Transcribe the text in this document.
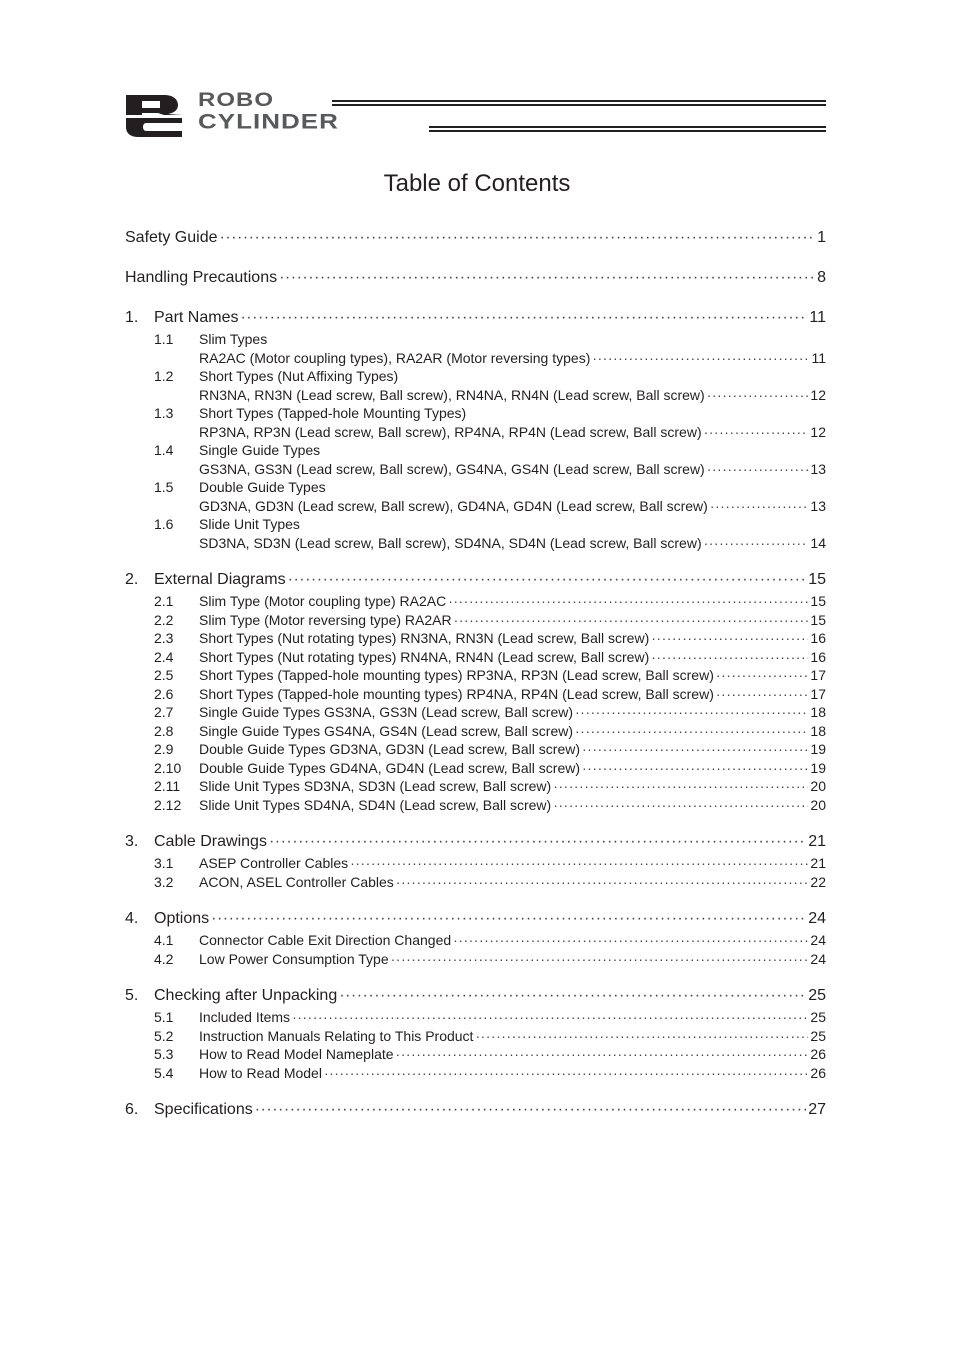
ROBO
CYLINDER
Table of Contents
Safety Guide ·····	1
Handling Precautions ·····	8
1. Part Names ·····	11
1.1	Slim Types
RA2AC (Motor coupling types), RA2AR (Motor reversing types) ·····	11
1.2	Short Types (Nut Affixing Types)
RN3NA, RN3N (Lead screw, Ball screw), RN4NA, RN4N (Lead screw, Ball screw) ·····	12
1.3	Short Types (Tapped-hole Mounting Types)
RP3NA, RP3N (Lead screw, Ball screw), RP4NA, RP4N (Lead screw, Ball screw) ·····	12
1.4	Single Guide Types
GS3NA, GS3N (Lead screw, Ball screw), GS4NA, GS4N (Lead screw, Ball screw) ·····	13
1.5	Double Guide Types
GD3NA, GD3N (Lead screw, Ball screw), GD4NA, GD4N (Lead screw, Ball screw) ·····	13
1.6	Slide Unit Types
SD3NA, SD3N (Lead screw, Ball screw), SD4NA, SD4N (Lead screw, Ball screw) ·····	14
2. External Diagrams ·····	15
2.1	Slim Type (Motor coupling type) RA2AC ·····	15
2.2	Slim Type (Motor reversing type) RA2AR ·····	15
2.3	Short Types (Nut rotating types) RN3NA, RN3N (Lead screw, Ball screw) ·····	16
2.4	Short Types (Nut rotating types) RN4NA, RN4N (Lead screw, Ball screw) ·····	16
2.5	Short Types (Tapped-hole mounting types) RP3NA, RP3N (Lead screw, Ball screw) ·····	17
2.6	Short Types (Tapped-hole mounting types) RP4NA, RP4N (Lead screw, Ball screw) ·····	17
2.7	Single Guide Types GS3NA, GS3N (Lead screw, Ball screw) ·····	18
2.8	Single Guide Types GS4NA, GS4N (Lead screw, Ball screw) ·····	18
2.9	Double Guide Types GD3NA, GD3N (Lead screw, Ball screw) ·····	19
2.10	Double Guide Types GD4NA, GD4N (Lead screw, Ball screw) ·····	19
2.11	Slide Unit Types SD3NA, SD3N (Lead screw, Ball screw) ·····	20
2.12	Slide Unit Types SD4NA, SD4N (Lead screw, Ball screw) ·····	20
3. Cable Drawings ·····	21
3.1	ASEP Controller Cables ·····	21
3.2	ACON, ASEL Controller Cables ·····	22
4. Options ·····	24
4.1	Connector Cable Exit Direction Changed ·····	24
4.2	Low Power Consumption Type ·····	24
5. Checking after Unpacking ·····	25
5.1	Included Items ·····	25
5.2	Instruction Manuals Relating to This Product ·····	25
5.3	How to Read Model Nameplate ·····	26
5.4	How to Read Model ·····	26
6. Specifications ·····	27
